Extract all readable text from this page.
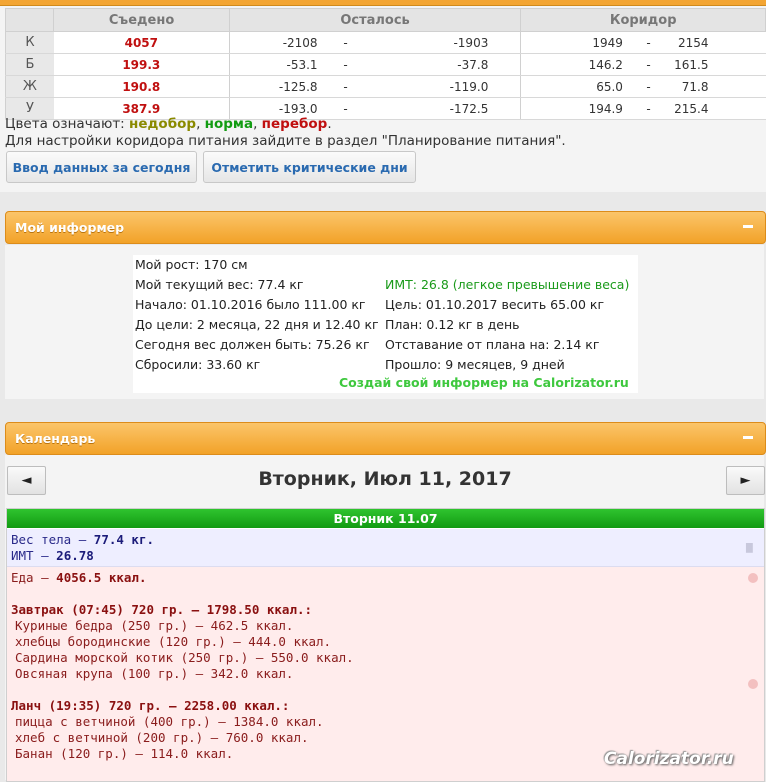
	Съедено	Осталось			Коридор		
К	4057	-2108	-	-1903	1949	-	2154
Б	199.3	-53.1	-	-37.8	146.2	-	161.5
Ж	190.8	-125.8	-	-119.0	65.0	-	71.8
У	387.9	-193.0	-	-172.5	194.9	-	215.4
Цвета означают: недобор, норма, перебор.
Для настройки коридора питания зайдите в раздел "Планирование питания".
Ввод данных за сегодня	Отметить критические дни
Мой информер
Мой рост: 170 см
Мой текущий вес: 77.4 кг
Начало: 01.10.2016 было 111.00 кг
До цели: 2 месяца, 22 дня и 12.40 кг
Сегодня вес должен быть: 75.26 кг
Сбросили: 33.60 кг
ИМТ: 26.8 (легкое превышение веса)
Цель: 01.10.2017 весить 65.00 кг
План: 0.12 кг в день
Отставание от плана на: 2.14 кг
Прошло: 9 месяцев, 9 дней
Создай свой информер на Calorizator.ru
Календарь
◄	Вторник, Июл 11, 2017	►
Вторник 11.07
Вес тела — 77.4 кг.
ИМТ — 26.78
▆
Еда — 4056.5 ккал.
Завтрак (07:45) 720 гр. — 1798.50 ккал.:
Куриные бедра (250 гр.) — 462.5 ккал.
хлебцы бородинские (120 гр.) — 444.0 ккал.
Сардина морской котик (250 гр.) — 550.0 ккал.
Овсяная крупа (100 гр.) — 342.0 ккал.
Ланч (19:35) 720 гр. — 2258.00 ккал.:
пицца с ветчиной (400 гр.) — 1384.0 ккал.
хлеб с ветчиной (200 гр.) — 760.0 ккал.
Банан (120 гр.) — 114.0 ккал.	Calorizator.ru
